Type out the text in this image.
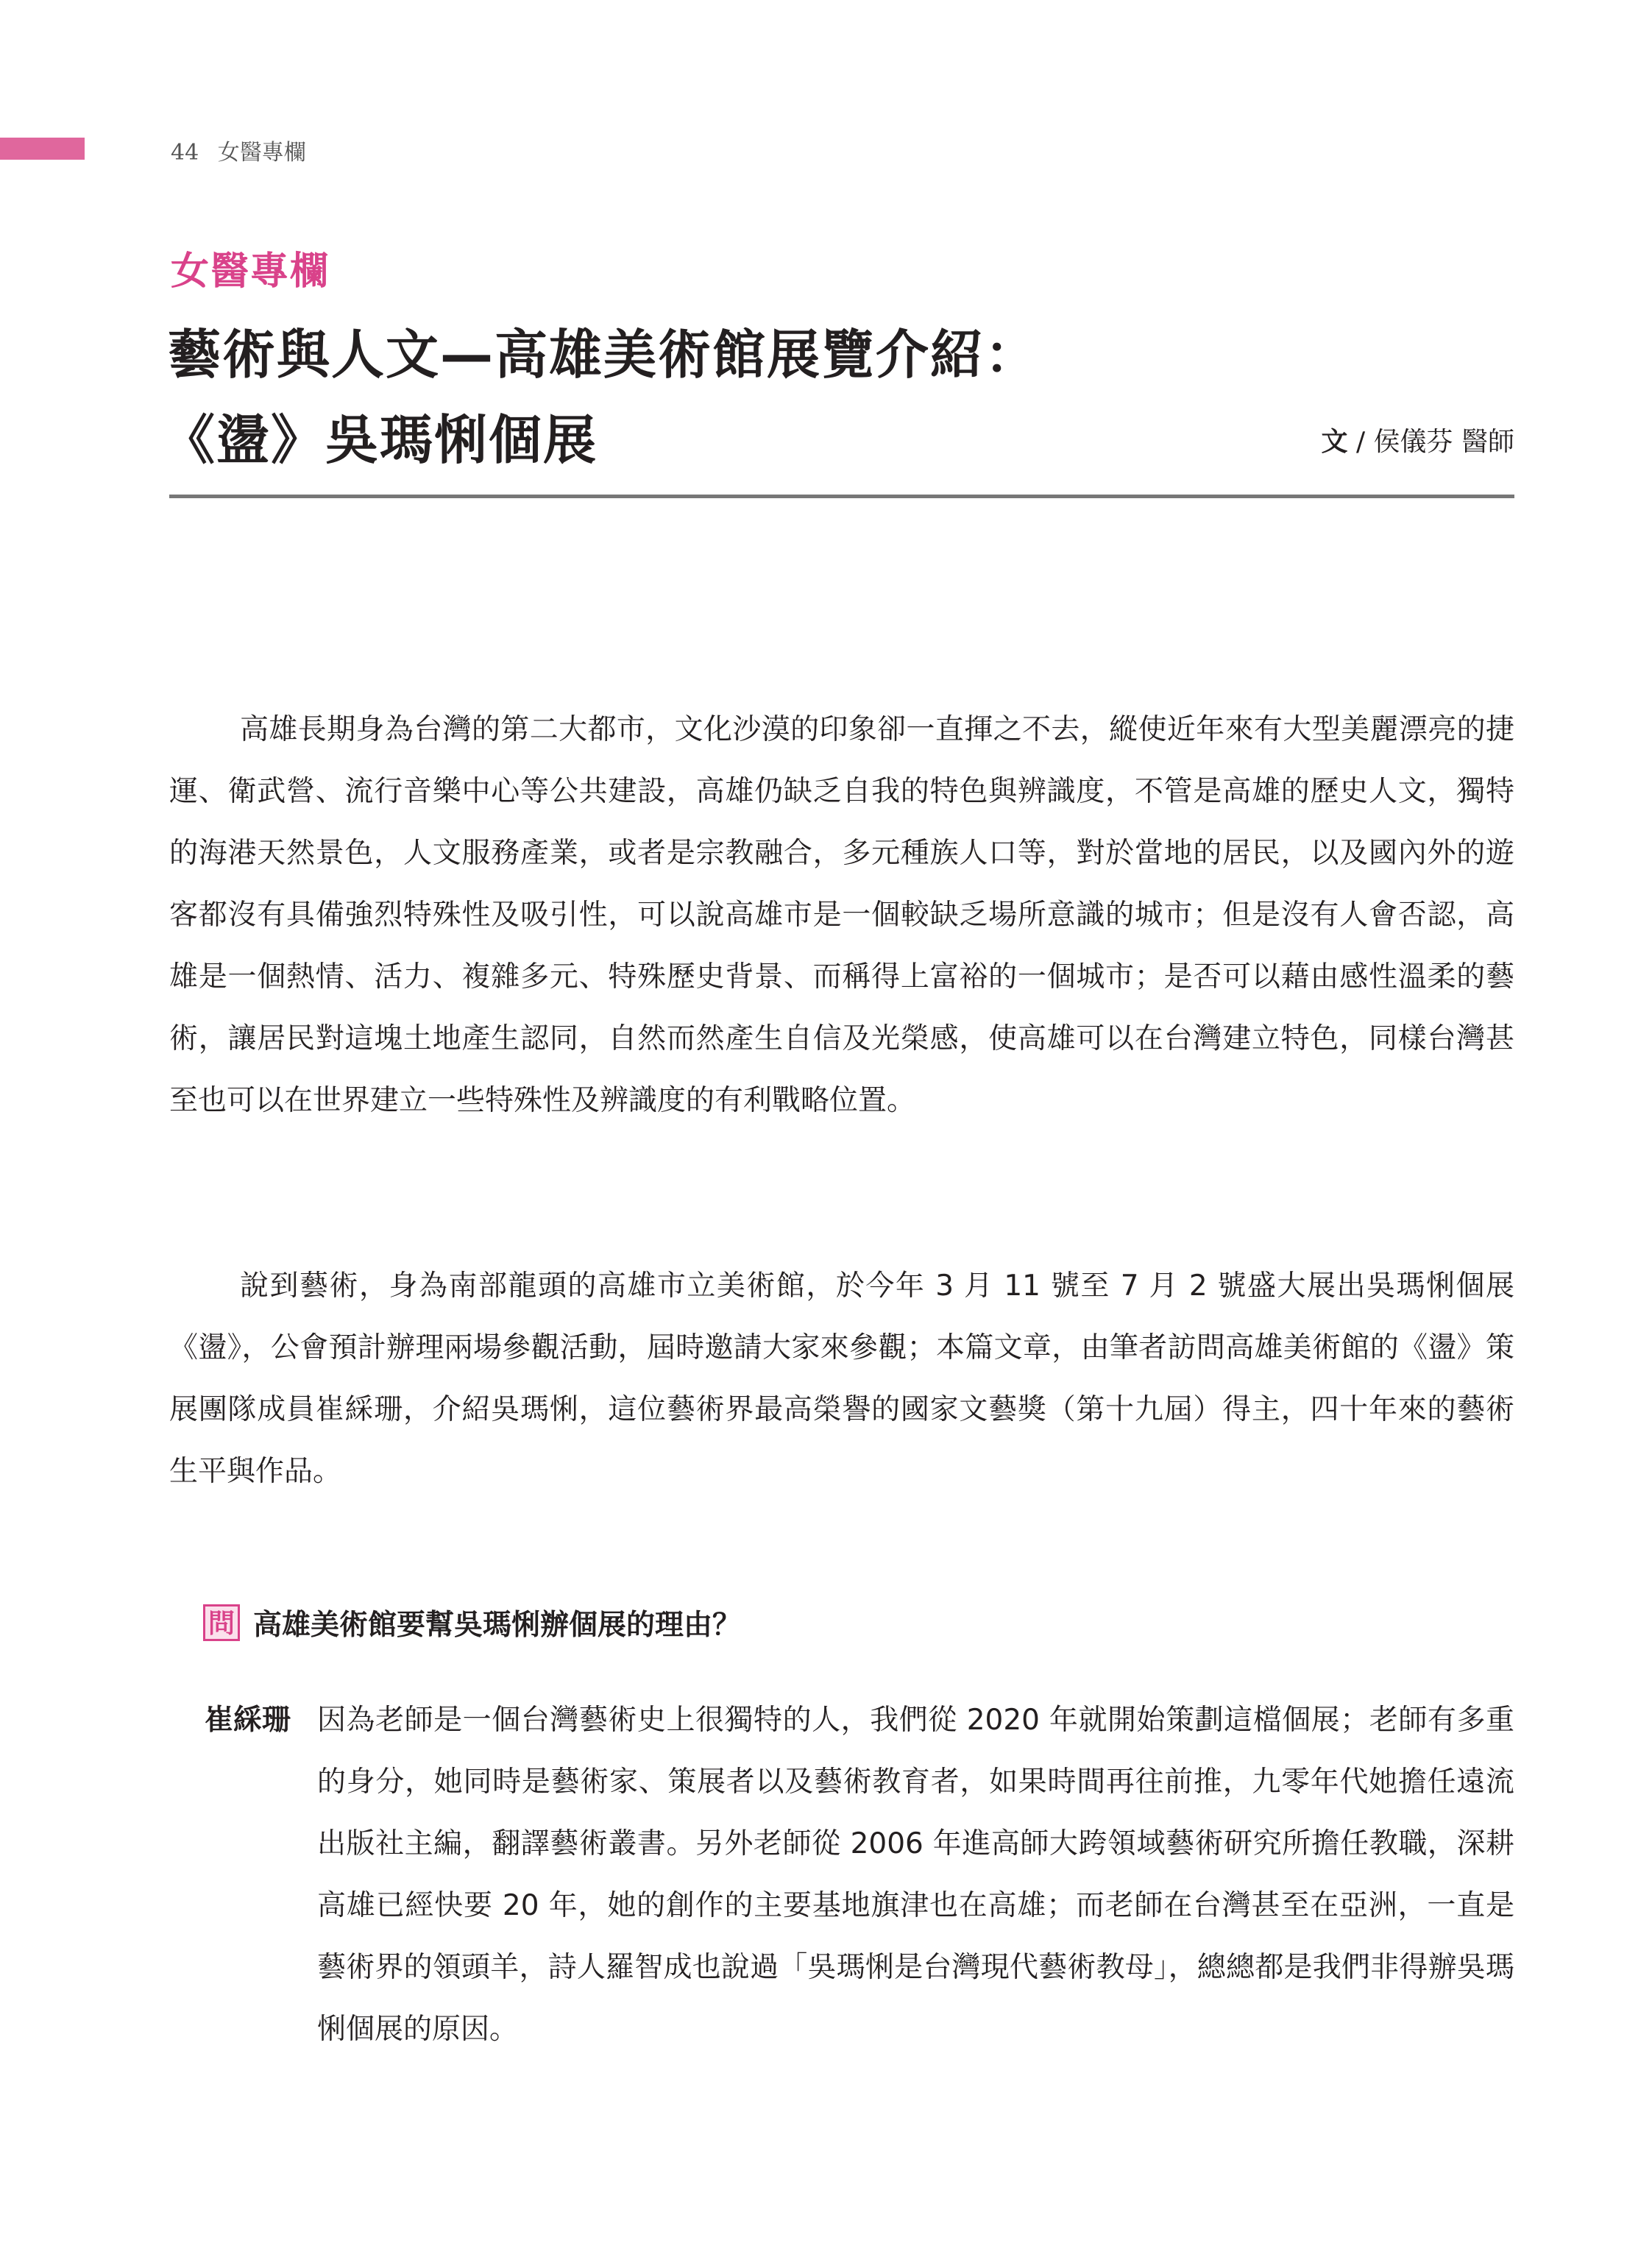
44 女醫專欄
女醫專欄
藝術與人文—高雄美術館展覽介紹：
《盪》吳瑪悧個展	文 / 侯儀芬 醫師

高雄長期身為台灣的第二大都市，文化沙漠的印象卻一直揮之不去，縱使近年來有大型美麗漂亮的捷運、衛武營、流行音樂中心等公共建設，高雄仍缺乏自我的特色與辨識度，不管是高雄的歷史人文，獨特的海港天然景色，人文服務產業，或者是宗教融合，多元種族人口等，對於當地的居民，以及國內外的遊客都沒有具備強烈特殊性及吸引性，可以說高雄市是一個較缺乏場所意識的城市；但是沒有人會否認，高雄是一個熱情、活力、複雜多元、特殊歷史背景、而稱得上富裕的一個城市；是否可以藉由感性溫柔的藝術，讓居民對這塊土地產生認同，自然而然產生自信及光榮感，使高雄可以在台灣建立特色，同樣台灣甚至也可以在世界建立一些特殊性及辨識度的有利戰略位置。

說到藝術，身為南部龍頭的高雄市立美術館，於今年 3 月 11 號至 7 月 2 號盛大展出吳瑪悧個展《盪》，公會預計辦理兩場參觀活動，屆時邀請大家來參觀；本篇文章，由筆者訪問高雄美術館的《盪》策展團隊成員崔綵珊，介紹吳瑪悧，這位藝術界最高榮譽的國家文藝獎（第十九屆）得主，四十年來的藝術生平與作品。

問 高雄美術館要幫吳瑪悧辦個展的理由？
崔綵珊 因為老師是一個台灣藝術史上很獨特的人，我們從 2020 年就開始策劃這檔個展；老師有多重的身分，她同時是藝術家、策展者以及藝術教育者，如果時間再往前推，九零年代她擔任遠流出版社主編，翻譯藝術叢書。另外老師從 2006 年進高師大跨領域藝術研究所擔任教職，深耕高雄已經快要 20 年，她的創作的主要基地旗津也在高雄；而老師在台灣甚至在亞洲，一直是藝術界的領頭羊，詩人羅智成也說過「吳瑪悧是台灣現代藝術教母」，總總都是我們非得辦吳瑪悧個展的原因。
